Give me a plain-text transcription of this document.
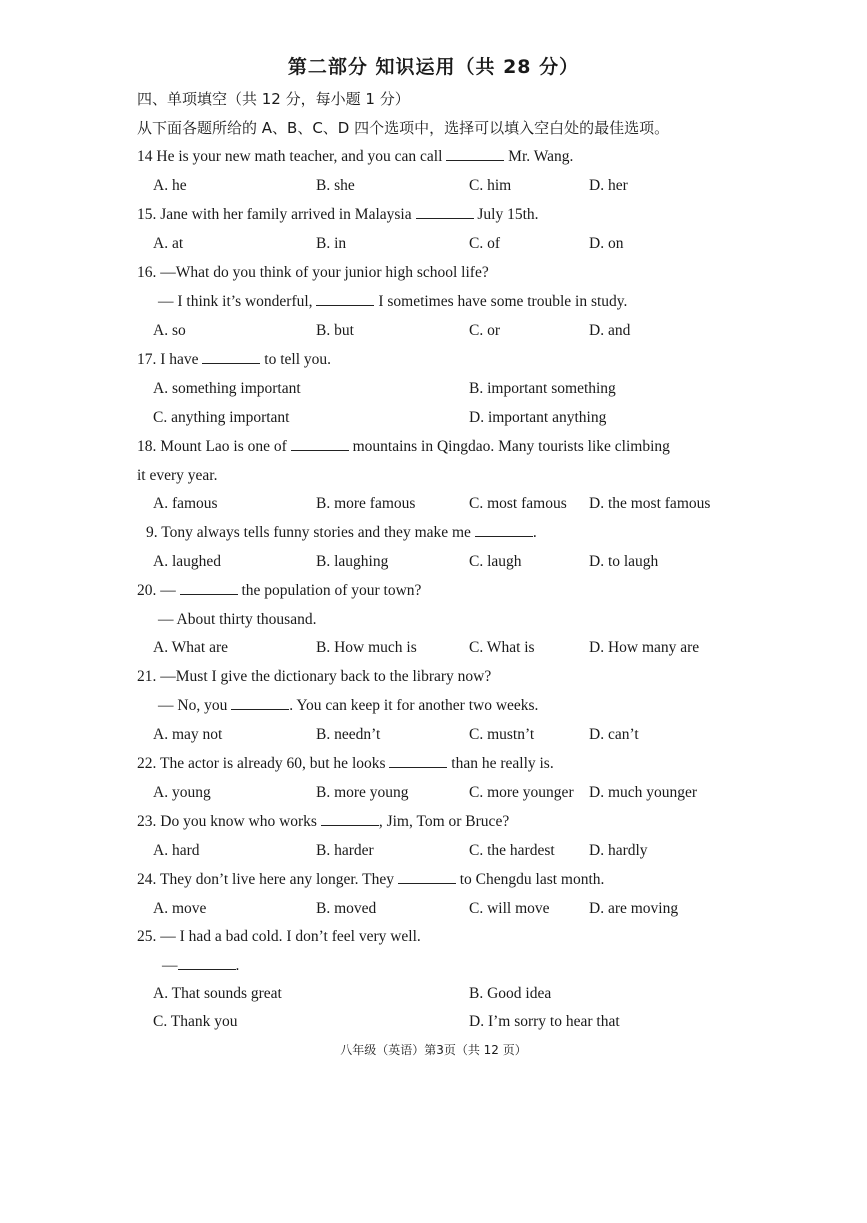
第二部分 知识运用（共 28 分）
四、单项填空（共 12 分，每小题 1 分）
从下面各题所给的 A、B、C、D 四个选项中，选择可以填入空白处的最佳选项。
14 He is your new math teacher, and you can call	Mr. Wang.
A. he	B. she	C. him	D. her
15. Jane with her family arrived in Malaysia	July 15th.
A. at	B. in	C. of	D. on
16. —What do you think of your junior high school life?
— I think it’s wonderful,	I sometimes have some trouble in study.
A. so	B. but	C. or	D. and
17. I have	to tell you.
A. something important	B. important something
C. anything important	D. important anything
18. Mount Lao is one of	mountains in Qingdao. Many tourists like climbing
it every year.
A. famous	B. more famous	C. most famous D. the most famous
9. Tony always tells funny stories and they make me	.
A. laughed	B. laughing	C. laugh	D. to laugh
20. —	the population of your town?
— About thirty thousand.
A. What are	B. How much is	C. What is	D. How many are
21. —Must I give the dictionary back to the library now?
— No, you	. You can keep it for another two weeks.
A. may not	B. needn’t	C. mustn’t	D. can’t
22. The actor is already 60, but he looks	than he really is.
A. young	B. more young	C. more younger D. much younger
23. Do you know who works	, Jim, Tom or Bruce?
A. hard	B. harder	C. the hardest D. hardly
24. They don’t live here any longer. They	to Chengdu last month.
A. move	B. moved	C. will move	D. are moving
25. — I had a bad cold. I don’t feel very well.
—	.
A. That sounds great	B. Good idea
C. Thank you	D. I’m sorry to hear that
八年级（英语）第3页（共 12 页）
